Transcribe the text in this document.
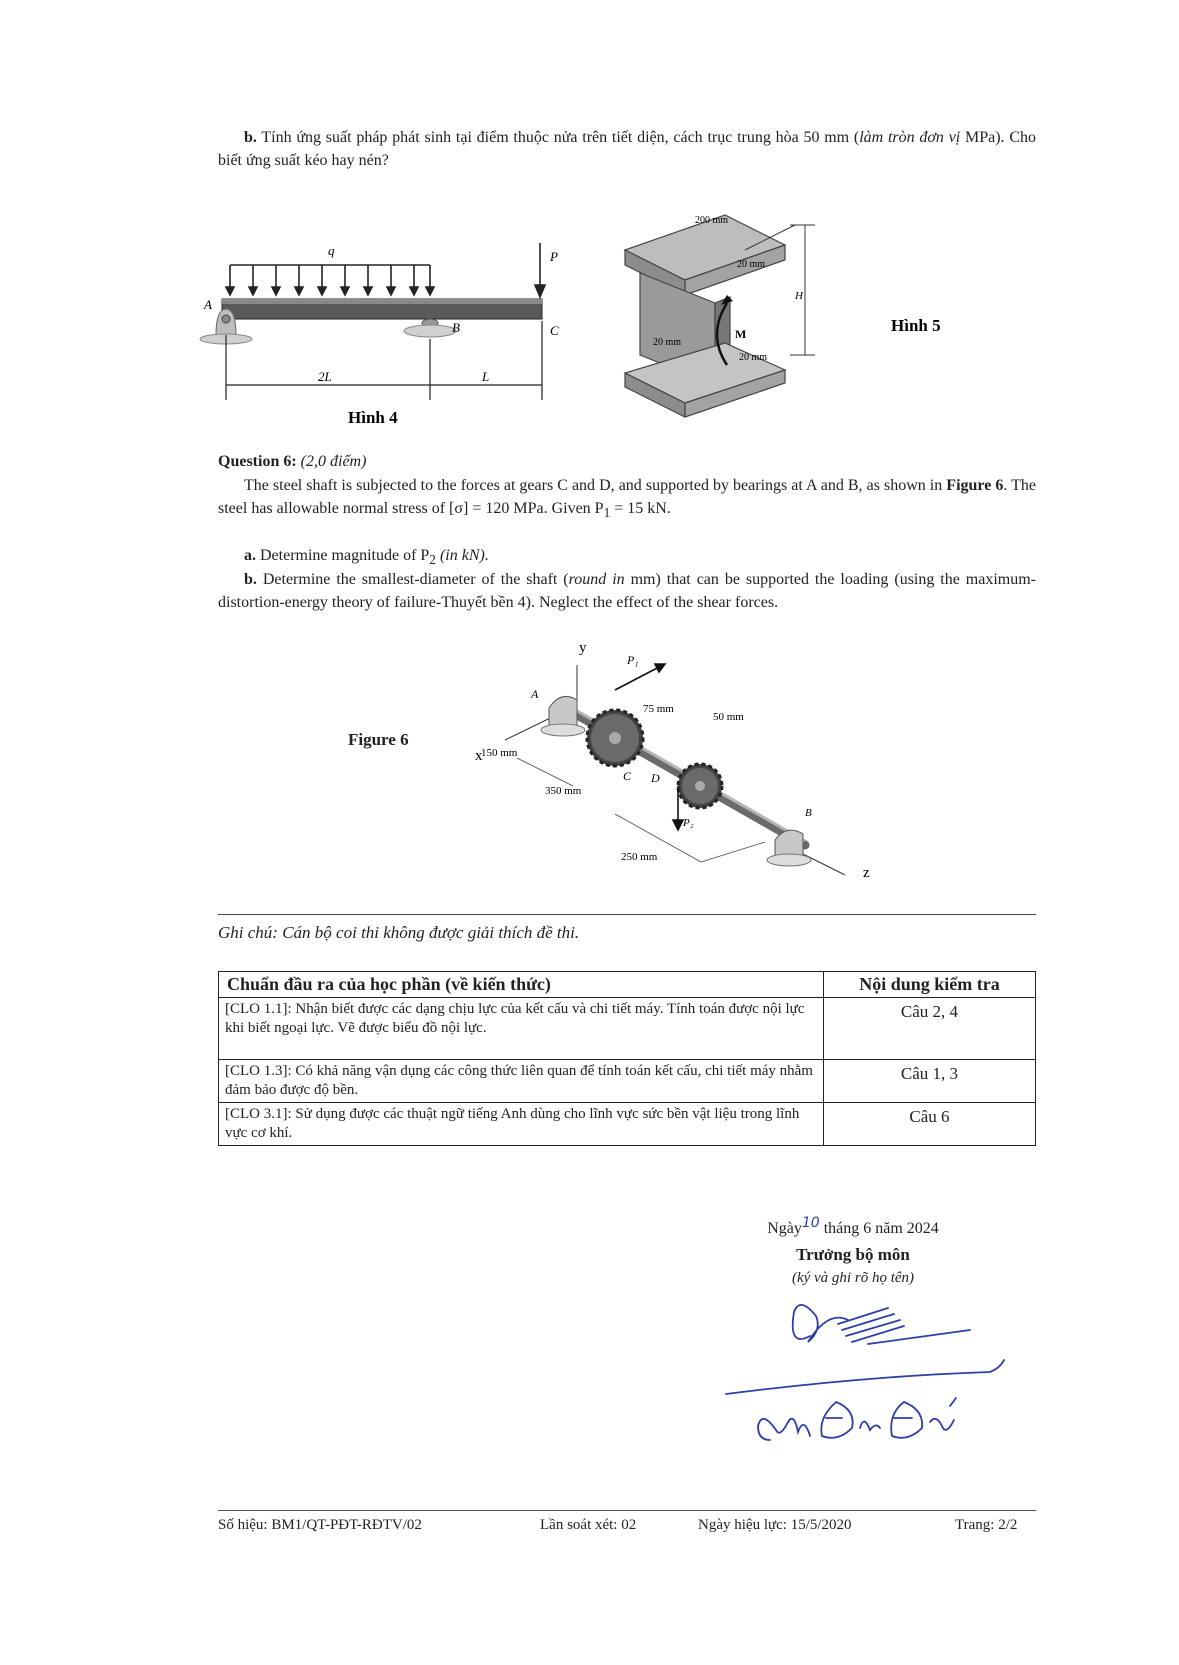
b. Tính ứng suất pháp phát sinh tại điểm thuộc nửa trên tiết diện, cách trục trung hòa 50 mm (làm tròn đơn vị MPa). Cho biết ứng suất kéo hay nén?
q	P
A
B	C
2L	L
Hình 4
M
200 mm
20 mm
20 mm
20 mm
H
Hình 5
Question 6: (2,0 điểm)
The steel shaft is subjected to the forces at gears C and D, and supported by bearings at A and B, as shown in Figure 6. The steel has allowable normal stress of [σ] = 120 MPa. Given $P_1 = 15$ kN.
a. Determine magnitude of $P_2$ (in kN).
b. Determine the smallest-diameter of the shaft (round in mm) that can be supported the loading (using the maximum-distortion-energy theory of failure-Thuyết bền 4). Neglect the effect of the shear forces.
Figure 6
y
x
z
A
C
P₁
75 mm
150 mm
D
P₂
50 mm
350 mm
250 mm
B
Ghi chú: Cán bộ coi thi không được giải thích đề thi.
Chuẩn đầu ra của học phần (về kiến thức)	Nội dung kiểm tra
[CLO 1.1]: Nhận biết được các dạng chịu lực của kết cấu và chi tiết máy. Tính toán được nội lực khi biết ngoại lực. Vẽ được biểu đồ nội lực.	Câu 2, 4
[CLO 1.3]: Có khả năng vận dụng các công thức liên quan để tính toán kết cấu, chi tiết máy nhằm đảm bảo được độ bền.	Câu 1, 3
[CLO 3.1]: Sử dụng được các thuật ngữ tiếng Anh dùng cho lĩnh vực sức bền vật liệu trong lĩnh vực cơ khí.	Câu 6
Ngày10 tháng 6 năm 2024
Trưởng bộ môn
(ký và ghi rõ họ tên)
Số hiệu: BM1/QT-PĐT-RĐTV/02	Lần soát xét: 02	Ngày hiệu lực: 15/5/2020	Trang: 2/2
